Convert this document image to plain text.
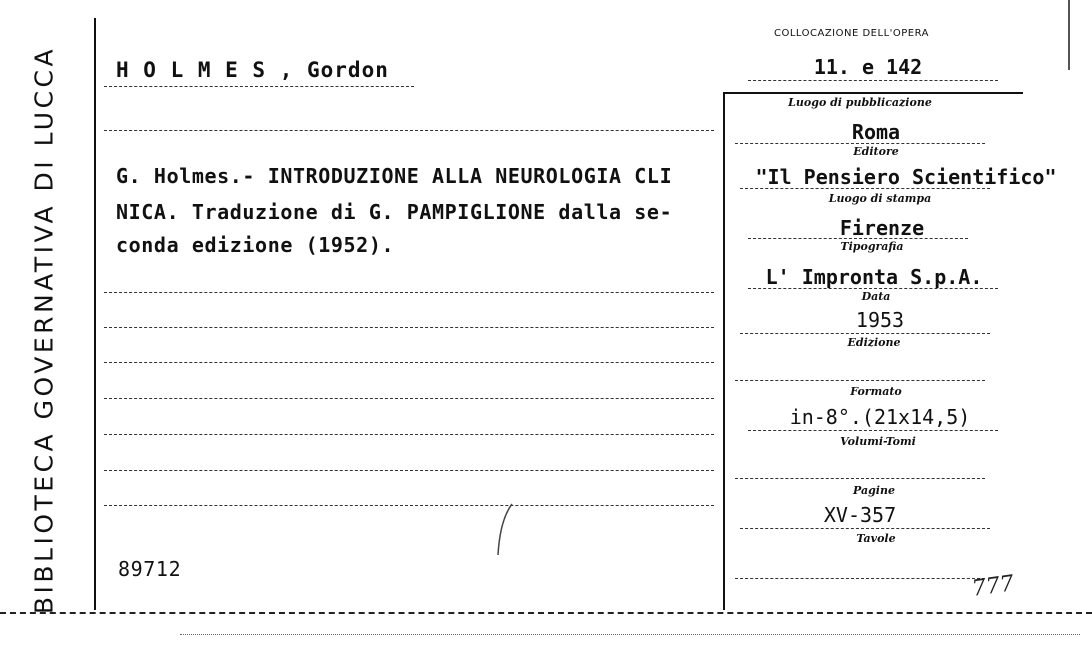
BIBLIOTECA GOVERNATIVA DI LUCCA	H O L M E S , Gordon
G. Holmes.- INTRODUZIONE ALLA NEUROLOGIA CLI
NICA. Traduzione di G. PAMPIGLIONE dalla se-
conda edizione (1952).
89712
COLLOCAZIONE DELL'OPERA
11. e 142
Luogo di pubblicazione
Roma
Editore
"Il Pensiero Scientifico"
Luogo di stampa
Firenze
Tipografia
L' Impronta S.p.A.
Data
1953
Edizione
Formato
in-8°.(21x14,5)
Volumi-Tomi
Pagine
XV-357
Tavole
777
